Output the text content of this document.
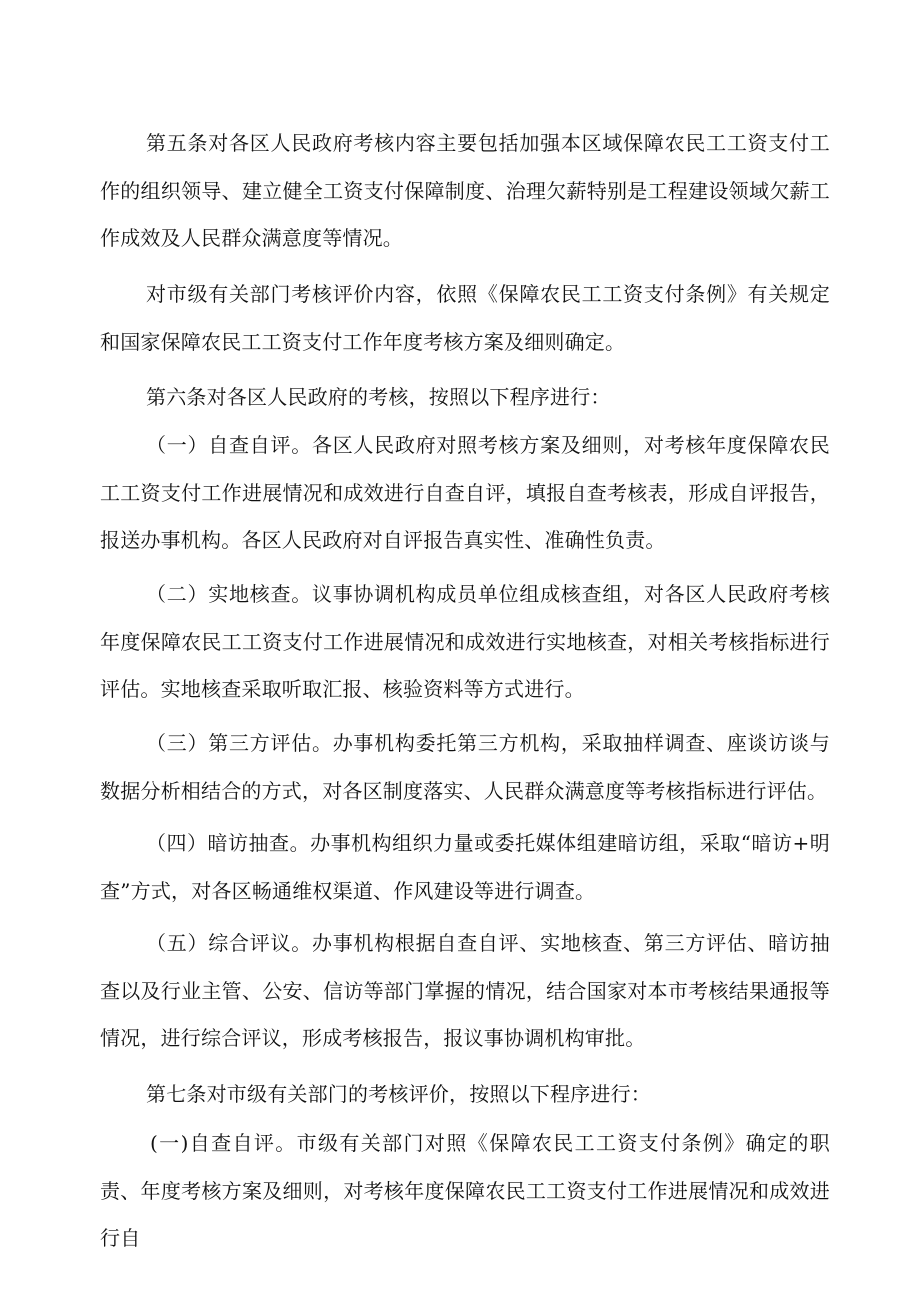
第五条对各区人民政府考核内容主要包括加强本区域保障农民工工资支付工作的组织领导、建立健全工资支付保障制度、治理欠薪特别是工程建设领域欠薪工作成效及人民群众满意度等情况。

对市级有关部门考核评价内容，依照《保障农民工工资支付条例》有关规定和国家保障农民工工资支付工作年度考核方案及细则确定。

第六条对各区人民政府的考核，按照以下程序进行：

（一）自查自评。各区人民政府对照考核方案及细则，对考核年度保障农民工工资支付工作进展情况和成效进行自查自评，填报自查考核表，形成自评报告，报送办事机构。各区人民政府对自评报告真实性、准确性负责。

（二）实地核查。议事协调机构成员单位组成核查组，对各区人民政府考核年度保障农民工工资支付工作进展情况和成效进行实地核查，对相关考核指标进行评估。实地核查采取听取汇报、核验资料等方式进行。

（三）第三方评估。办事机构委托第三方机构，采取抽样调查、座谈访谈与数据分析相结合的方式，对各区制度落实、人民群众满意度等考核指标进行评估。

（四）暗访抽查。办事机构组织力量或委托媒体组建暗访组，采取“暗访+明查”方式，对各区畅通维权渠道、作风建设等进行调查。

（五）综合评议。办事机构根据自查自评、实地核查、第三方评估、暗访抽查以及行业主管、公安、信访等部门掌握的情况，结合国家对本市考核结果通报等情况，进行综合评议，形成考核报告，报议事协调机构审批。

第七条对市级有关部门的考核评价，按照以下程序进行：

(一)自查自评。市级有关部门对照《保障农民工工资支付条例》确定的职责、年度考核方案及细则，对考核年度保障农民工工资支付工作进展情况和成效进行自
